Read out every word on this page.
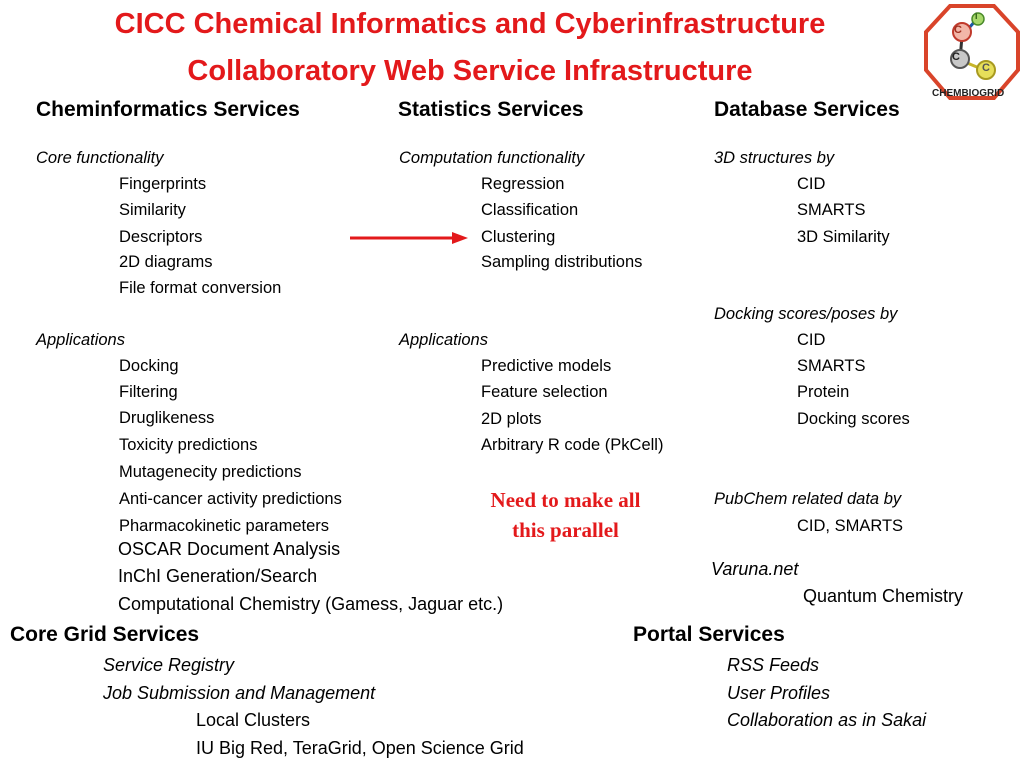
CICC Chemical Informatics and Cyberinfrastructure
Collaboratory Web Service Infrastructure
C
i
C
C
CHEMBIOGRID
Cheminformatics Services	Statistics Services	Database Services
Core functionality
Fingerprints
Similarity
Descriptors
2D diagrams
File format conversion
Applications
Docking
Filtering
Druglikeness
Toxicity predictions
Mutagenecity predictions
Anti-cancer activity predictions
Pharmacokinetic parameters
OSCAR Document Analysis
InChI Generation/Search
Computational Chemistry (Gamess, Jaguar etc.)
Computation functionality
Regression
Classification
Clustering
Sampling distributions
Applications
Predictive models
Feature selection
2D plots
Arbitrary R code (PkCell)
Need to make all this parallel
3D structures by
CID
SMARTS
3D Similarity
Docking scores/poses by
CID
SMARTS
Protein
Docking scores
PubChem related data by
CID, SMARTS
Varuna.net
Quantum Chemistry
Core Grid Services
Service Registry
Job Submission and Management
Local Clusters
IU Big Red, TeraGrid, Open Science Grid
Portal Services
RSS Feeds
User Profiles
Collaboration as in Sakai
